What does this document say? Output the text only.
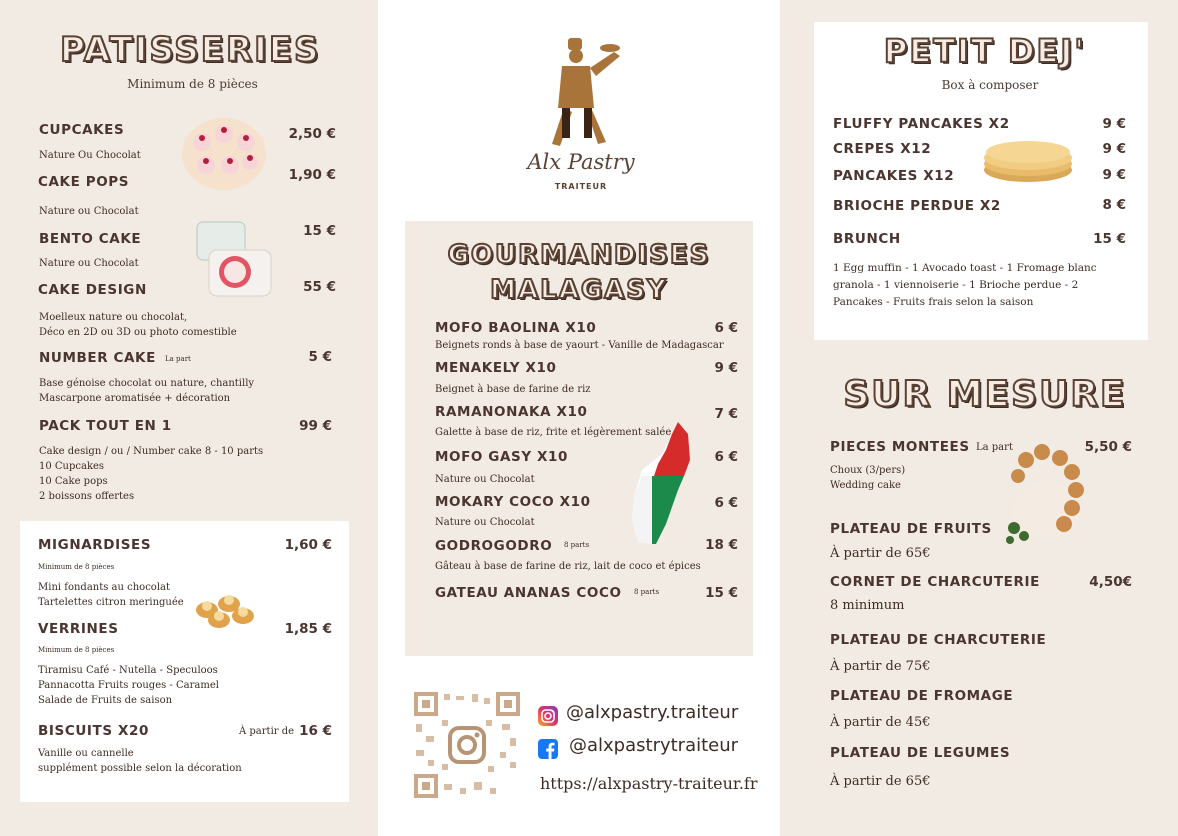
PATISSERIES
Minimum de 8 pièces
CUPCAKES	2,50 €
Nature Ou Chocolat
CAKE POPS	1,90 €
Nature ou Chocolat
BENTO CAKE	15 €
Nature ou Chocolat
CAKE DESIGN	55 €
Moelleux nature ou chocolat,
Déco en 2D ou 3D ou photo comestible
NUMBER CAKE La part	5 €
Base génoise chocolat ou nature, chantilly
Mascarpone aromatisée + décoration
PACK TOUT EN 1	99 €
Cake design / ou / Number cake 8 - 10 parts
10 Cupcakes
10 Cake pops
2 boissons offertes
MIGNARDISES	1,60 €
Minimum de 8 pièces
Mini fondants au chocolat
Tartelettes citron meringuée
VERRINES	1,85 €
Minimum de 8 pièces
Tiramisu Café - Nutella - Speculoos
Pannacotta Fruits rouges - Caramel
Salade de Fruits de saison
BISCUITS X20	À partir de 16 €
Vanille ou cannelle
supplément possible selon la décoration
Alx Pastry
TRAITEUR
GOURMANDISES
MALAGASY
MOFO BAOLINA X10	6 €
Beignets ronds à base de yaourt - Vanille de Madagascar
MENAKELY X10	9 €
Beignet à base de farine de riz
RAMANONAKA X10	7 €
Galette à base de riz, frite et légèrement salée
MOFO GASY X10	6 €
Nature ou Chocolat
MOKARY COCO X10	6 €
Nature ou Chocolat
GODROGODRO 8 parts	18 €
Gâteau à base de farine de riz, lait de coco et épices
GATEAU ANANAS COCO 8 parts	15 €
@alxpastry.traiteur
@alxpastrytraiteur
https://alxpastry-traiteur.fr
PETIT DEJ'
Box à composer
FLUFFY PANCAKES X2	9 €
CREPES X12	9 €
PANCAKES X12	9 €
BRIOCHE PERDUE X2	8 €
BRUNCH	15 €
1 Egg muffin - 1 Avocado toast - 1 Fromage blanc
granola - 1 viennoiserie - 1 Brioche perdue - 2
Pancakes - Fruits frais selon la saison
SUR MESURE
PIECES MONTEES La part	5,50 €
Choux (3/pers)
Wedding cake
PLATEAU DE FRUITS
À partir de 65€
CORNET DE CHARCUTERIE	4,50€
8 minimum
PLATEAU DE CHARCUTERIE
À partir de 75€
PLATEAU DE FROMAGE
À partir de 45€
PLATEAU DE LEGUMES
À partir de 65€
